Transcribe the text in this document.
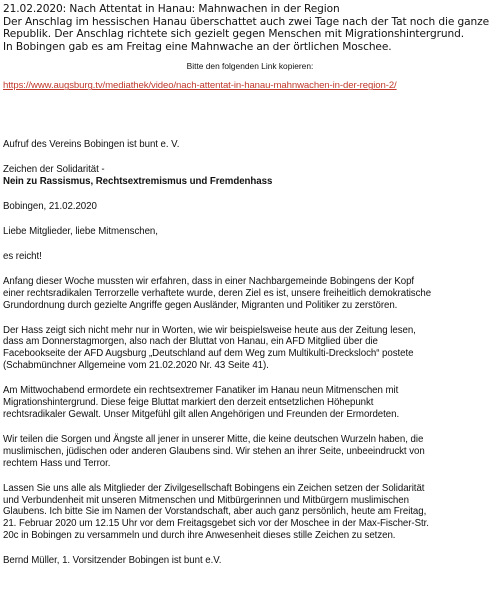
21.02.2020: Nach Attentat in Hanau: Mahnwachen in der Region
Der Anschlag im hessischen Hanau überschattet auch zwei Tage nach der Tat noch die ganze
Republik. Der Anschlag richtete sich gezielt gegen Menschen mit Migrationshintergrund.
In Bobingen gab es am Freitag eine Mahnwache an der örtlichen Moschee.
Bitte den folgenden Link kopieren:
https://www.augsburg.tv/mediathek/video/nach-attentat-in-hanau-mahnwachen-in-der-region-2/

Aufruf des Vereins Bobingen ist bunt e. V.

Zeichen der Solidarität -

Nein zu Rassismus, Rechtsextremismus und Fremdenhass

Bobingen, 21.02.2020

Liebe Mitglieder, liebe Mitmenschen,

es reicht!

Anfang dieser Woche mussten wir erfahren, dass in einer Nachbargemeinde Bobingens der Kopf

einer rechtsradikalen Terrorzelle verhaftete wurde, deren Ziel es ist, unsere freiheitlich demokratische

Grundordnung durch gezielte Angriffe gegen Ausländer, Migranten und Politiker zu zerstören.

Der Hass zeigt sich nicht mehr nur in Worten, wie wir beispielsweise heute aus der Zeitung lesen,

dass am Donnerstagmorgen, also nach der Bluttat von Hanau, ein AFD Mitglied über die

Facebookseite der AFD Augsburg „Deutschland auf dem Weg zum Multikulti-Dreckslоch“ postete

(Schabmünchner Allgemeine vom 21.02.2020 Nr. 43 Seite 41).

Am Mittwochabend ermordete ein rechtsextremer Fanatiker im Hanau neun Mitmenschen mit

Migrationshintergrund. Diese feige Bluttat markiert den derzeit entsetzlichen Höhepunkt

rechtsradikaler Gewalt. Unser Mitgefühl gilt allen Angehörigen und Freunden der Ermordeten.

Wir teilen die Sorgen und Ängste all jener in unserer Mitte, die keine deutschen Wurzeln haben, die

muslimischen, jüdischen oder anderen Glaubens sind. Wir stehen an ihrer Seite, unbeeindruckt von

rechtem Hass und Terror.

Lassen Sie uns alle als Mitglieder der Zivilgesellschaft Bobingens ein Zeichen setzen der Solidarität

und Verbundenheit mit unseren Mitmenschen und Mitbürgerinnen und Mitbürgern muslimischen

Glaubens. Ich bitte Sie im Namen der Vorstandschaft, aber auch ganz persönlich, heute am Freitag,

21. Februar 2020 um 12.15 Uhr vor dem Freitagsgebet sich vor der Moschee in der Max-Fischer-Str.

20c in Bobingen zu versammeln und durch ihre Anwesenheit dieses stille Zeichen zu setzen.

Bernd Müller, 1. Vorsitzender Bobingen ist bunt e.V.
